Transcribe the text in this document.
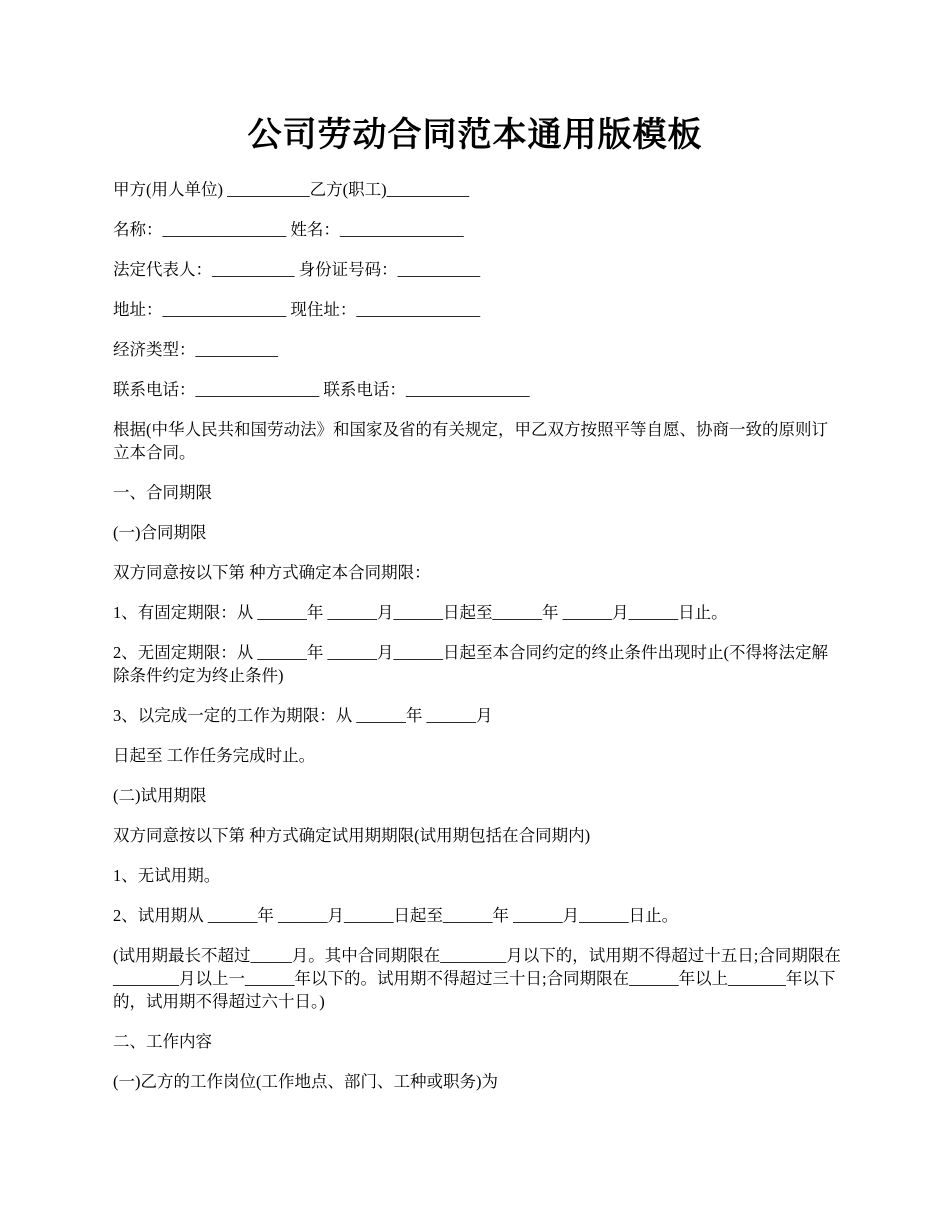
公司劳动合同范本通用版模板

甲方(用人单位) __________乙方(职工)__________

名称：_______________ 姓名：_______________

法定代表人：__________ 身份证号码：__________

地址：_______________ 现住址：_______________

经济类型：__________

联系电话：_______________ 联系电话：_______________

根据(中华人民共和国劳动法》和国家及省的有关规定，甲乙双方按照平等自愿、协商一致的原则订立本合同。

一、合同期限

(一)合同期限

双方同意按以下第 种方式确定本合同期限：

1、有固定期限：从 ______年 ______月______日起至______年 ______月______日止。

2、无固定期限：从 ______年 ______月______日起至本合同约定的终止条件出现时止(不得将法定解除条件约定为终止条件)

3、以完成一定的工作为期限：从 ______年 ______月

日起至 工作任务完成时止。

(二)试用期限

双方同意按以下第 种方式确定试用期期限(试用期包括在合同期内)

1、无试用期。

2、试用期从 ______年 ______月______日起至______年 ______月______日止。

(试用期最长不超过_____月。其中合同期限在________月以下的，试用期不得超过十五日;合同期限在________月以上一______年以下的。试用期不得超过三十日;合同期限在______年以上_______年以下的，试用期不得超过六十日。)

二、工作内容

(一)乙方的工作岗位(工作地点、部门、工种或职务)为
